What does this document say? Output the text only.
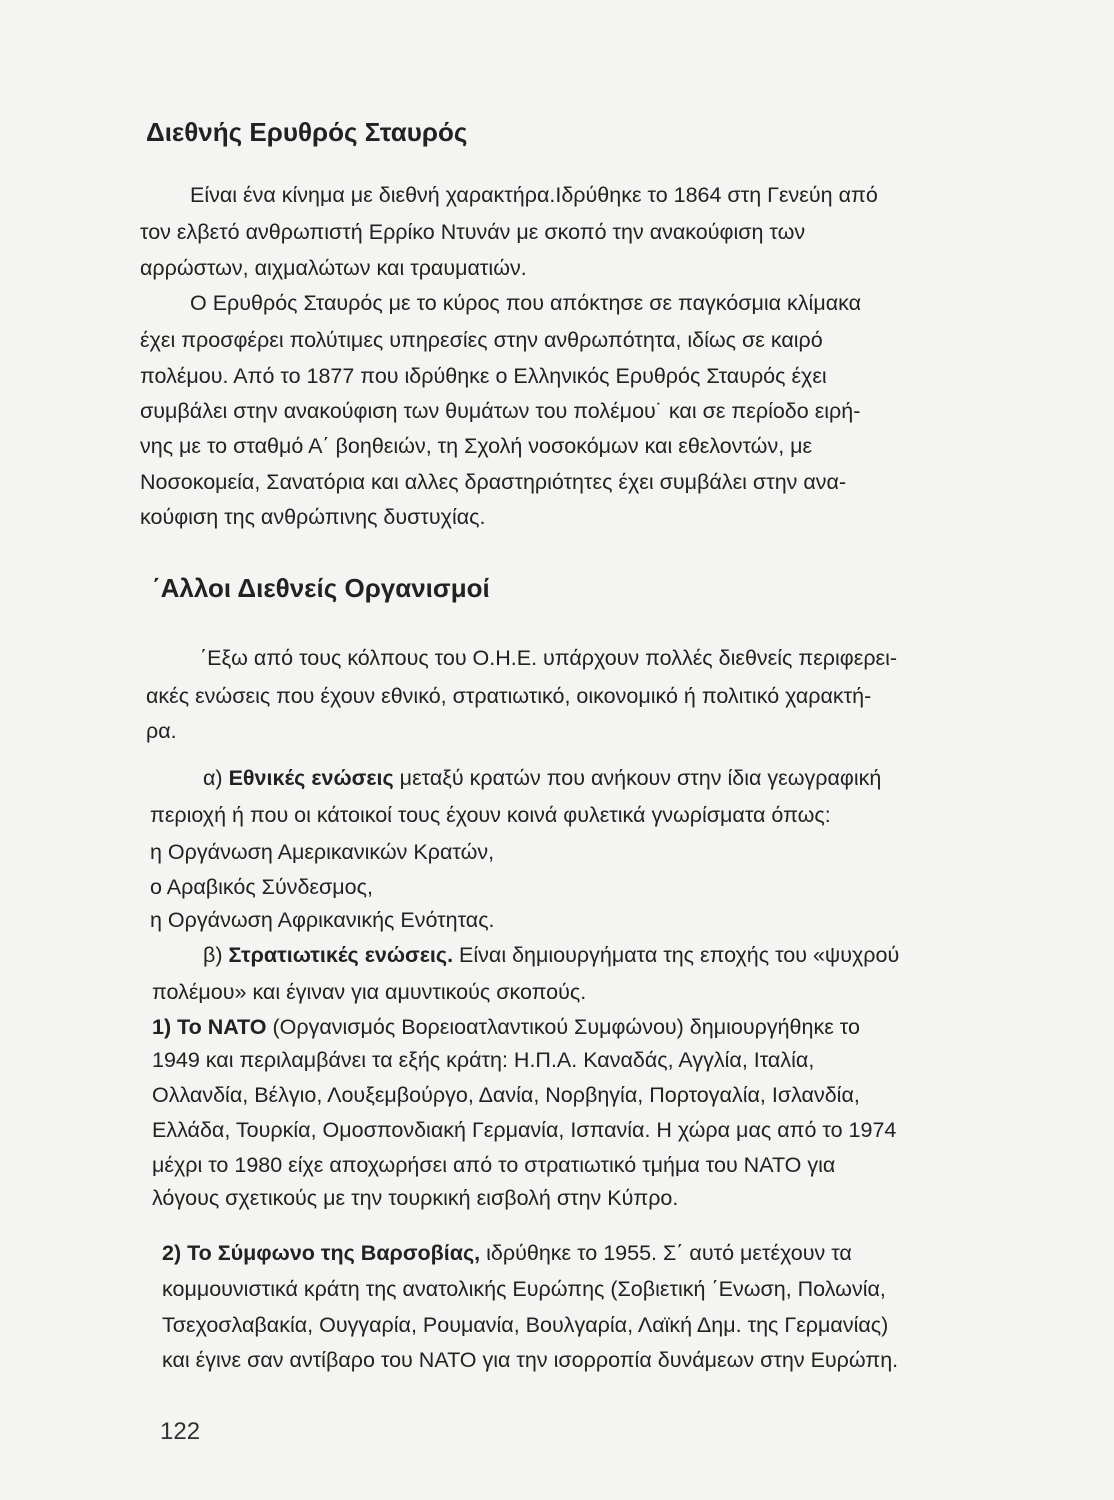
Διεθνής Ερυθρός Σταυρός

Είναι ένα κίνημα με διεθνή χαρακτήρα.Ιδρύθηκε το 1864 στη Γενεύη από

τον ελβετό ανθρωπιστή Ερρίκο Ντυνάν με σκοπό την ανακούφιση των

αρρώστων, αιχμαλώτων και τραυματιών.

Ο Ερυθρός Σταυρός με το κύρος που απόκτησε σε παγκόσμια κλίμακα

έχει προσφέρει πολύτιμες υπηρεσίες στην ανθρωπότητα, ιδίως σε καιρό

πολέμου. Από το 1877 που ιδρύθηκε ο Ελληνικός Ερυθρός Σταυρός έχει

συμβάλει στην ανακούφιση των θυμάτων του πολέμου˙ και σε περίοδο ειρή-

νης με το σταθμό Α΄ βοηθειών, τη Σχολή νοσοκόμων και εθελοντών, με

Νοσοκομεία, Σανατόρια και αλλες δραστηριότητες έχει συμβάλει στην ανα-

κούφιση της ανθρώπινης δυστυχίας.

΄Αλλοι Διεθνείς Οργανισμοί

΄Εξω από τους κόλπους του Ο.Η.Ε. υπάρχουν πολλές διεθνείς περιφερει-

ακές ενώσεις που έχουν εθνικό, στρατιωτικό, οικονομικό ή πολιτικό χαρακτή-

ρα.

α) Εθνικές ενώσεις μεταξύ κρατών που ανήκουν στην ίδια γεωγραφική

περιοχή ή που οι κάτοικοί τους έχουν κοινά φυλετικά γνωρίσματα όπως:

η Οργάνωση Αμερικανικών Κρατών,

ο Αραβικός Σύνδεσμος,

η Οργάνωση Αφρικανικής Ενότητας.

β) Στρατιωτικές ενώσεις. Είναι δημιουργήματα της εποχής του «ψυχρού

πολέμου» και έγιναν για αμυντικούς σκοπούς.

1) Το ΝΑΤΟ (Οργανισμός Βορειοατλαντικού Συμφώνου) δημιουργήθηκε το

1949 και περιλαμβάνει τα εξής κράτη: Η.Π.Α. Καναδάς, Αγγλία, Ιταλία,

Ολλανδία, Βέλγιο, Λουξεμβούργο, Δανία, Νορβηγία, Πορτογαλία, Ισλανδία,

Ελλάδα, Τουρκία, Ομοσπονδιακή Γερμανία, Ισπανία. Η χώρα μας από το 1974

μέχρι το 1980 είχε αποχωρήσει από το στρατιωτικό τμήμα του ΝΑΤΟ για

λόγους σχετικούς με την τουρκική εισβολή στην Κύπρο.

2) Το Σύμφωνο της Βαρσοβίας, ιδρύθηκε το 1955. Σ΄ αυτό μετέχουν τα

κομμουνιστικά κράτη της ανατολικής Ευρώπης (Σοβιετική ΄Ενωση, Πολωνία,

Τσεχοσλαβακία, Ουγγαρία, Ρουμανία, Βουλγαρία, Λαϊκή Δημ. της Γερμανίας)

και έγινε σαν αντίβαρο του ΝΑΤΟ για την ισορροπία δυνάμεων στην Ευρώπη.

122
